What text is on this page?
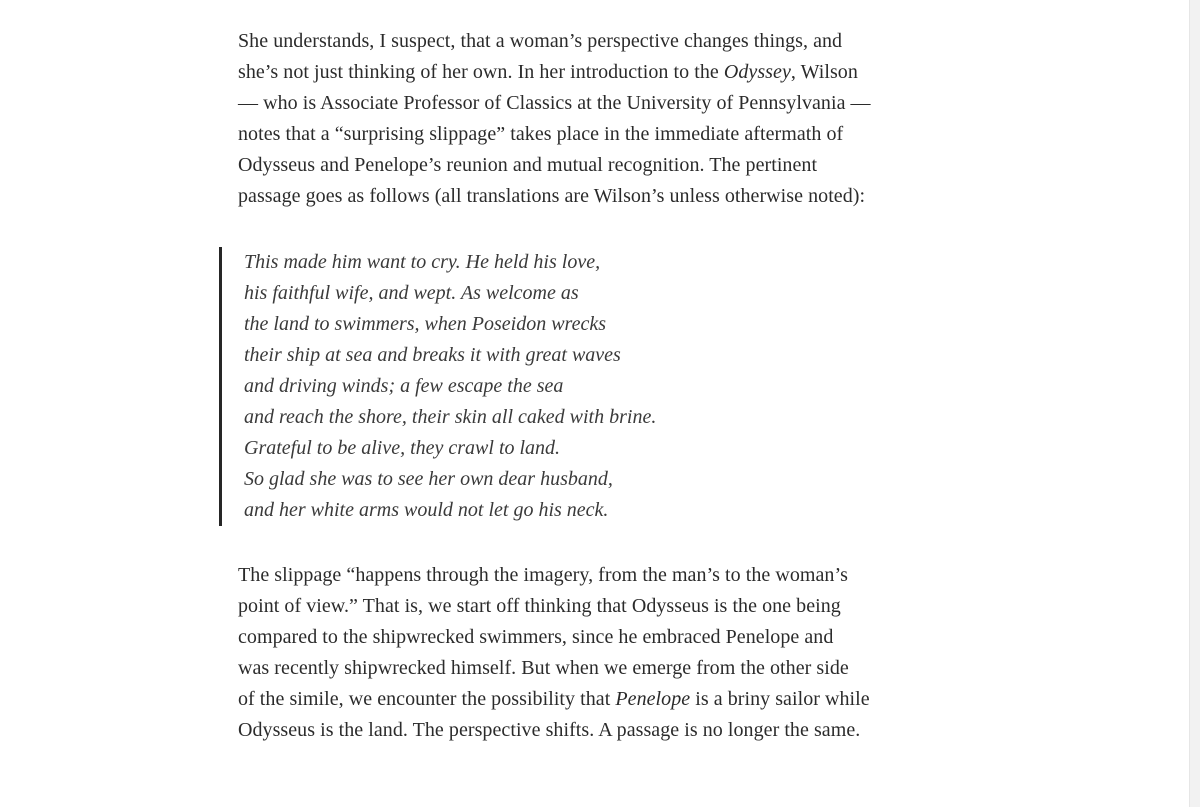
She understands, I suspect, that a woman’s perspective changes things, and
she’s not just thinking of her own. In her introduction to the Odyssey, Wilson
— who is Associate Professor of Classics at the University of Pennsylvania —
notes that a “surprising slippage” takes place in the immediate aftermath of
Odysseus and Penelope’s reunion and mutual recognition. The pertinent
passage goes as follows (all translations are Wilson’s unless otherwise noted):

This made him want to cry. He held his love,
his faithful wife, and wept. As welcome as
the land to swimmers, when Poseidon wrecks
their ship at sea and breaks it with great waves
and driving winds; a few escape the sea
and reach the shore, their skin all caked with brine.
Grateful to be alive, they crawl to land.
So glad she was to see her own dear husband,
and her white arms would not let go his neck.

The slippage “happens through the imagery, from the man’s to the woman’s
point of view.” That is, we start off thinking that Odysseus is the one being
compared to the shipwrecked swimmers, since he embraced Penelope and
was recently shipwrecked himself. But when we emerge from the other side
of the simile, we encounter the possibility that Penelope is a briny sailor while
Odysseus is the land. The perspective shifts. A passage is no longer the same.
